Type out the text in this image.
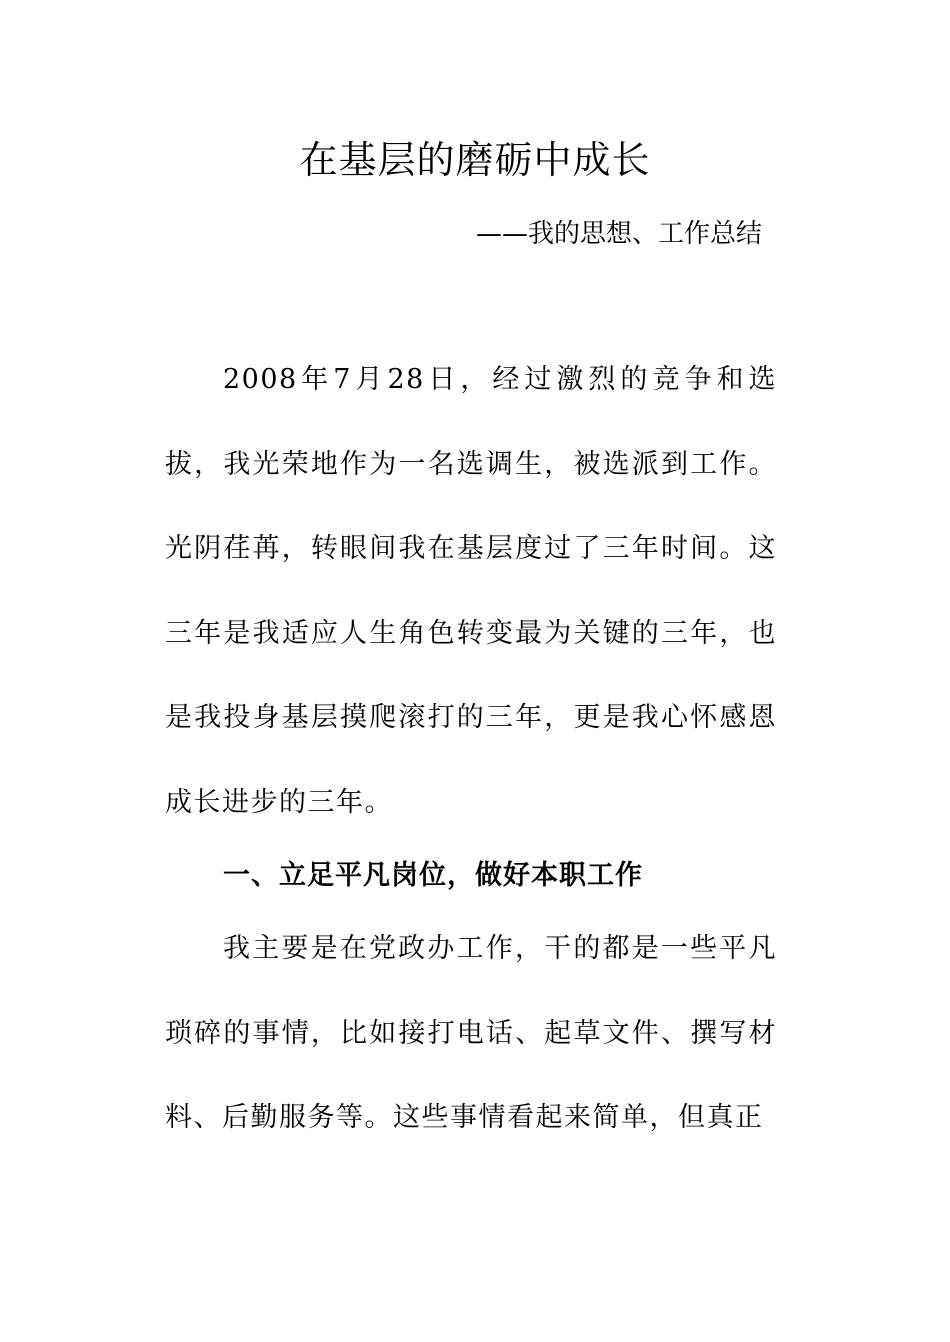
在基层的磨砺中成长

——我的思想、工作总结

2008年7月28日，经过激烈的竞争和选拔，我光荣地作为一名选调生，被选派到工作。光阴荏苒，转眼间我在基层度过了三年时间。这三年是我适应人生角色转变最为关键的三年，也是我投身基层摸爬滚打的三年，更是我心怀感恩成长进步的三年。

一、立足平凡岗位，做好本职工作

我主要是在党政办工作，干的都是一些平凡琐碎的事情，比如接打电话、起草文件、撰写材料、后勤服务等。这些事情看起来简单，但真正
